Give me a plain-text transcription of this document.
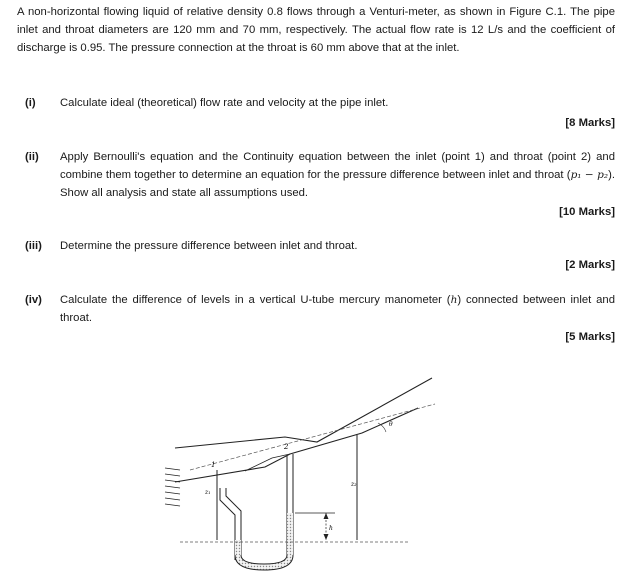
A non-horizontal flowing liquid of relative density 0.8 flows through a Venturi-meter, as shown in Figure C.1. The pipe inlet and throat diameters are 120 mm and 70 mm, respectively. The actual flow rate is 12 L/s and the coefficient of discharge is 0.95. The pressure connection at the throat is 60 mm above that at the inlet.

(i) Calculate ideal (theoretical) flow rate and velocity at the pipe inlet.
[8 Marks]
(ii) Apply Bernoulli's equation and the Continuity equation between the inlet (point 1) and throat (point 2) and combine them together to determine an equation for the pressure difference between inlet and throat (p₁ − p₂). Show all analysis and state all assumptions used.
[10 Marks]
(iii) Determine the pressure difference between inlet and throat.
[2 Marks]
(iv) Calculate the difference of levels in a vertical U-tube mercury manometer (h) connected between inlet and throat.
[5 Marks]
1
2
z₁
z₂
h
θ
